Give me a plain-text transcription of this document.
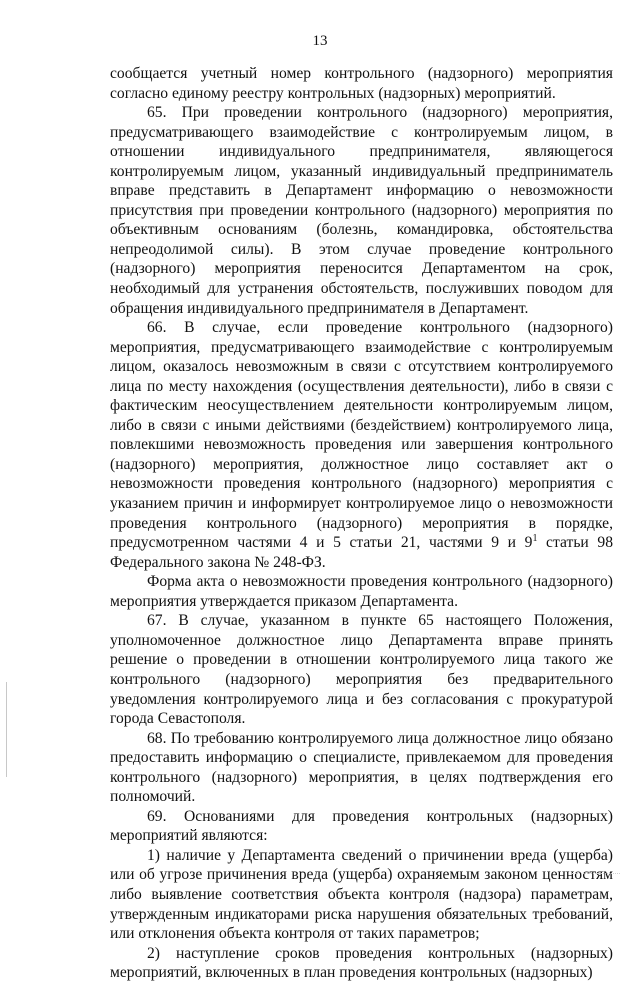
13

сообщается учетный номер контрольного (надзорного) мероприятия согласно единому реестру контрольных (надзорных) мероприятий.

65. При проведении контрольного (надзорного) мероприятия, предусматривающего взаимодействие с контролируемым лицом, в отношении индивидуального предпринимателя, являющегося контролируемым лицом, указанный индивидуальный предприниматель вправе представить в Департамент информацию о невозможности присутствия при проведении контрольного (надзорного) мероприятия по объективным основаниям (болезнь, командировка, обстоятельства непреодолимой силы). В этом случае проведение контрольного (надзорного) мероприятия переносится Департаментом на срок, необходимый для устранения обстоятельств, послуживших поводом для обращения индивидуального предпринимателя в Департамент.

66. В случае, если проведение контрольного (надзорного) мероприятия, предусматривающего взаимодействие с контролируемым лицом, оказалось невозможным в связи с отсутствием контролируемого лица по месту нахождения (осуществления деятельности), либо в связи с фактическим неосуществлением деятельности контролируемым лицом, либо в связи с иными действиями (бездействием) контролируемого лица, повлекшими невозможность проведения или завершения контрольного (надзорного) мероприятия, должностное лицо составляет акт о невозможности проведения контрольного (надзорного) мероприятия с указанием причин и информирует контролируемое лицо о невозможности проведения контрольного (надзорного) мероприятия в порядке, предусмотренном частями 4 и 5 статьи 21, частями 9 и 9$^1$ статьи 98 Федерального закона № 248-ФЗ.

Форма акта о невозможности проведения контрольного (надзорного) мероприятия утверждается приказом Департамента.

67. В случае, указанном в пункте 65 настоящего Положения, уполномоченное должностное лицо Департамента вправе принять решение о проведении в отношении контролируемого лица такого же контрольного (надзорного) мероприятия без предварительного уведомления контролируемого лица и без согласования с прокуратурой города Севастополя.

68. По требованию контролируемого лица должностное лицо обязано предоставить информацию о специалисте, привлекаемом для проведения контрольного (надзорного) мероприятия, в целях подтверждения его полномочий.

69. Основаниями для проведения контрольных (надзорных) мероприятий являются:

1) наличие у Департамента сведений о причинении вреда (ущерба) или об угрозе причинения вреда (ущерба) охраняемым законом ценностям либо выявление соответствия объекта контроля (надзора) параметрам, утвержденным индикаторами риска нарушения обязательных требований, или отклонения объекта контроля от таких параметров;

2) наступление сроков проведения контрольных (надзорных) мероприятий, включенных в план проведения контрольных (надзорных)
